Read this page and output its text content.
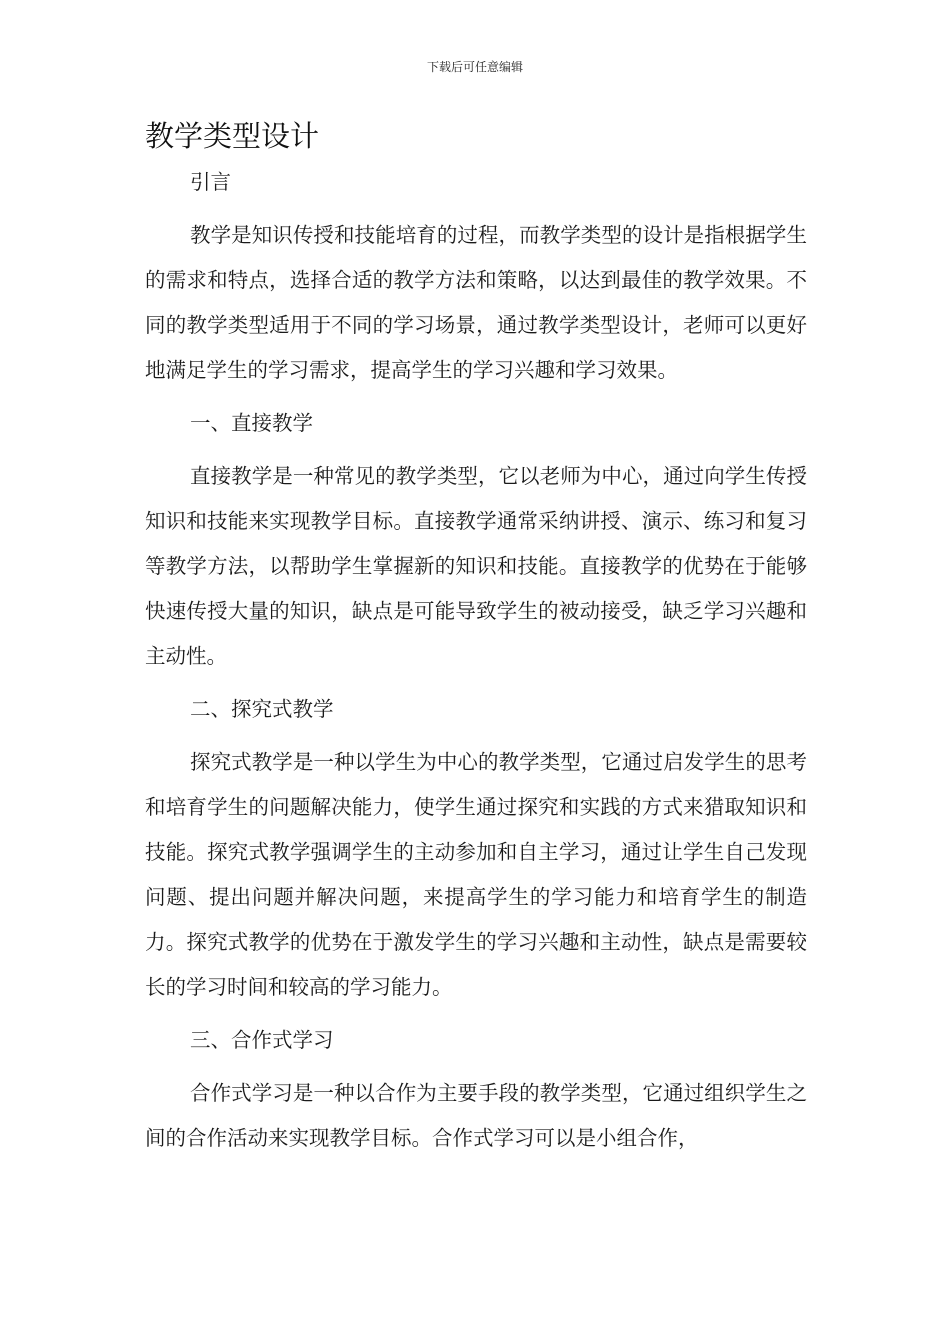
下载后可任意编辑
教学类型设计

引言

教学是知识传授和技能培育的过程，而教学类型的设计是指根据学生的需求和特点，选择合适的教学方法和策略，以达到最佳的教学效果。不同的教学类型适用于不同的学习场景，通过教学类型设计，老师可以更好地满足学生的学习需求，提高学生的学习兴趣和学习效果。

一、直接教学

直接教学是一种常见的教学类型，它以老师为中心，通过向学生传授知识和技能来实现教学目标。直接教学通常采纳讲授、演示、练习和复习等教学方法，以帮助学生掌握新的知识和技能。直接教学的优势在于能够快速传授大量的知识，缺点是可能导致学生的被动接受，缺乏学习兴趣和主动性。

二、探究式教学

探究式教学是一种以学生为中心的教学类型，它通过启发学生的思考和培育学生的问题解决能力，使学生通过探究和实践的方式来猎取知识和技能。探究式教学强调学生的主动参加和自主学习，通过让学生自己发现问题、提出问题并解决问题，来提高学生的学习能力和培育学生的制造力。探究式教学的优势在于激发学生的学习兴趣和主动性，缺点是需要较长的学习时间和较高的学习能力。

三、合作式学习

合作式学习是一种以合作为主要手段的教学类型，它通过组织学生之间的合作活动来实现教学目标。合作式学习可以是小组合作，
